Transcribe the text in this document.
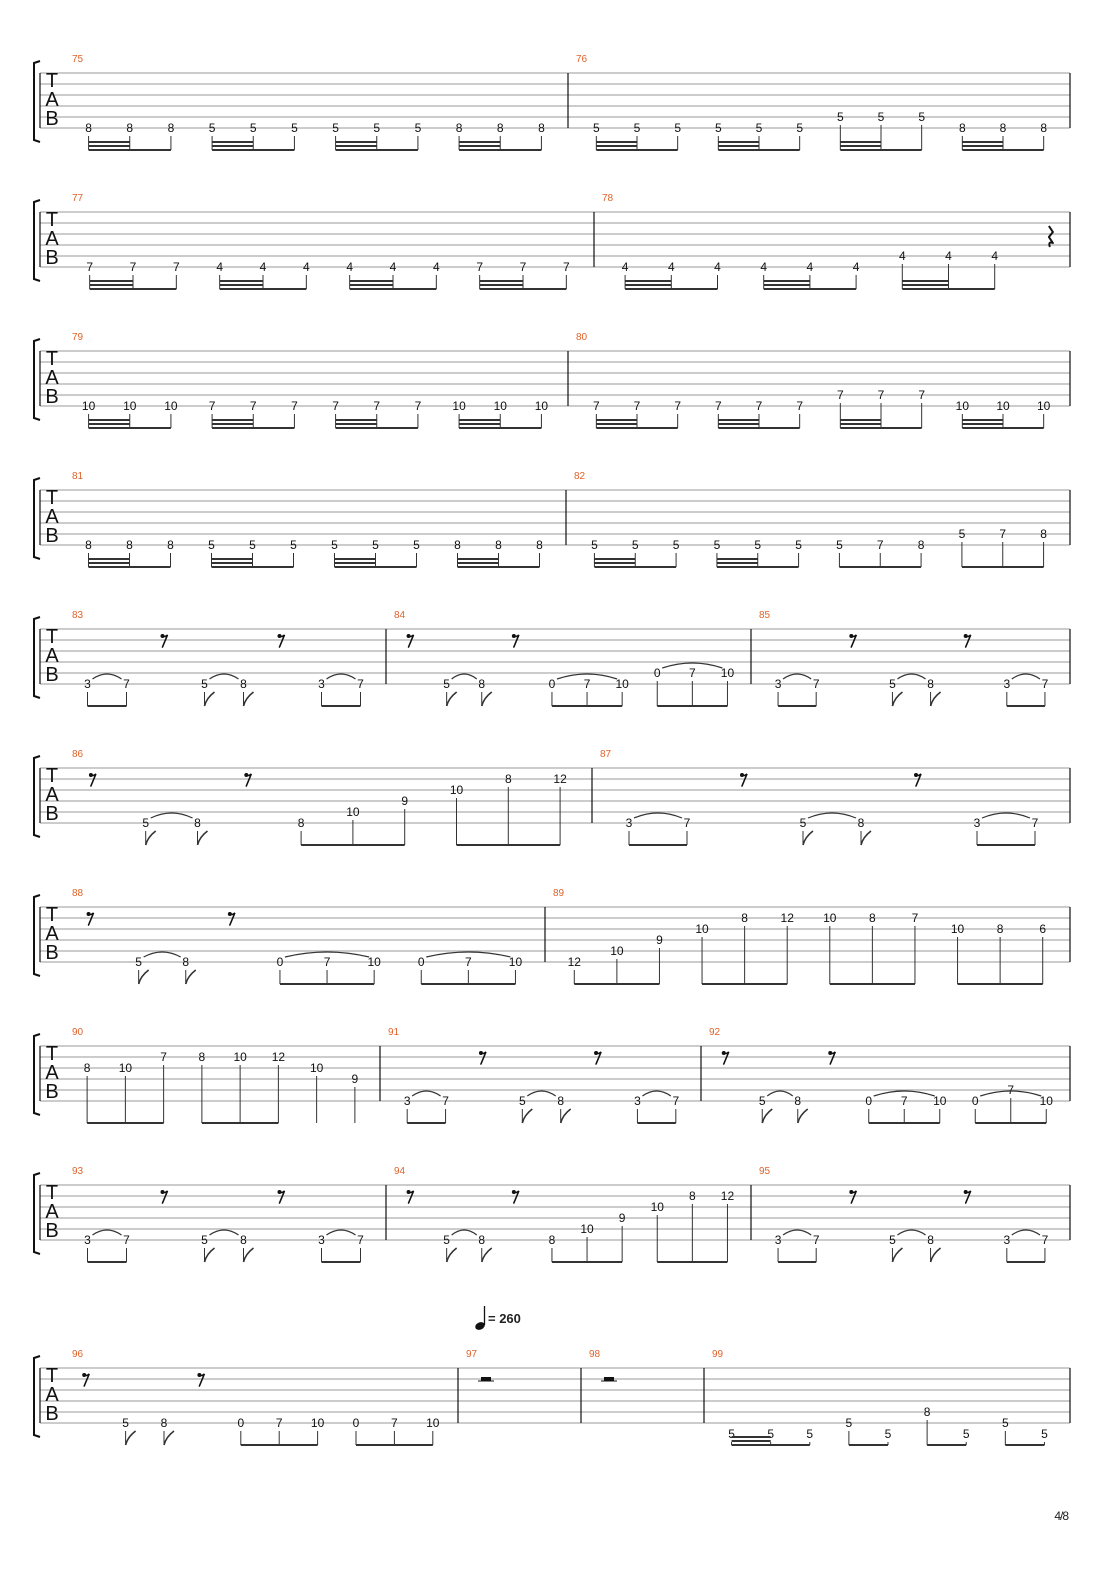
T
A
B
75
8	8	8	5	5	5	5	5	5	8	8	8
76
5	5	5	5	5	5
5	5	5
8	8	8
T
A
B
77
7	7	7	4	4	4	4	4	4	7	7	7
78
4	4	4	4	4	4
4	4	4
T
A
B
79
10 10 10	7	7	7	7	7	7	10 10 10
80
7	7	7	7	7	7
7	7	7
10 10 10
T
A
B
81
8	8	8	5	5	5	5	5	5	8	8	8
82
5	5	5	5	5	5	5	7	8
5	7	8
T
A
B
83
3	7	5	8	3	7
84
5 8	0 7 10
0 7 10
85
3	7	5	8	3	7
T
A
B
86
5	8	8
10
9
10
8	12
87
3	7	5	8	3	7
T
A
B
88
5	8	0	7	10	0	7	10
89
12
10
9
10
8	12 10	8	7
10	8	6
T
A
B
90
8 10
7	8 10 12
10
9
91
3	7	5	8	3	7
92
5 8	0 7 10 0
7
10
T
A
B
93
3	7	5	8	3	7
94
5 8	8
10
9
10
8 12
95
3	7	5	8	3	7
T
A
B
96
5	8	0	7 10 0	7 10
97
= 260
98	99
5	5	5
5
5
8
5
5
5
4/8
